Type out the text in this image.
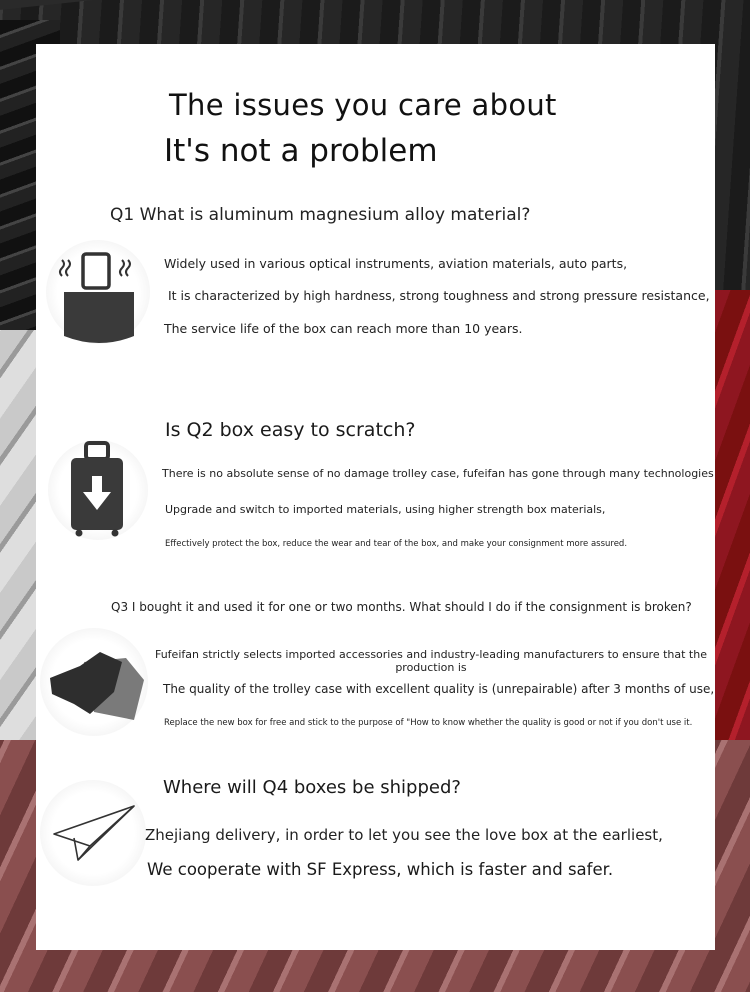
The issues you care about
It's not a problem
Q1 What is aluminum magnesium alloy material?
Widely used in various optical instruments, aviation materials, auto parts,
It is characterized by high hardness, strong toughness and strong pressure resistance,
The service life of the box can reach more than 10 years.
Is Q2 box easy to scratch?
There is no absolute sense of no damage trolley case, fufeifan has gone through many technologies
Upgrade and switch to imported materials, using higher strength box materials,
Effectively protect the box, reduce the wear and tear of the box, and make your consignment more assured.
Q3 I bought it and used it for one or two months. What should I do if the consignment is broken?
Fufeifan strictly selects imported accessories and industry-leading manufacturers to ensure that the production is
The quality of the trolley case with excellent quality is (unrepairable) after 3 months of use,
Replace the new box for free and stick to the purpose of "How to know whether the quality is good or not if you don't use it.
Where will Q4 boxes be shipped?
Zhejiang delivery, in order to let you see the love box at the earliest,
We cooperate with SF Express, which is faster and safer.
